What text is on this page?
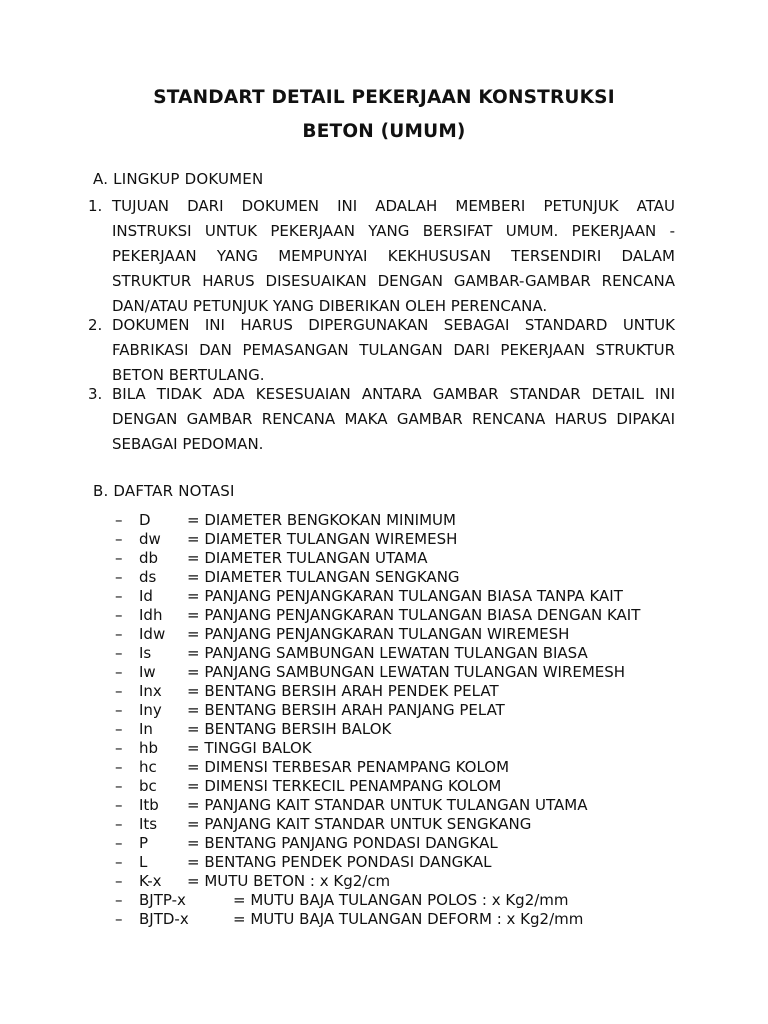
STANDART DETAIL PEKERJAAN KONSTRUKSI
BETON (UMUM)
A. LINGKUP DOKUMEN
1. TUJUAN DARI DOKUMEN INI ADALAH MEMBERI PETUNJUK ATAU
INSTRUKSI UNTUK PEKERJAAN YANG BERSIFAT UMUM. PEKERJAAN -
PEKERJAAN YANG MEMPUNYAI KEKHUSUSAN TERSENDIRI DALAM
STRUKTUR HARUS DISESUAIKAN DENGAN GAMBAR-GAMBAR RENCANA
DAN/ATAU PETUNJUK YANG DIBERIKAN OLEH PERENCANA.
2. DOKUMEN INI HARUS DIPERGUNAKAN SEBAGAI STANDARD UNTUK
FABRIKASI DAN PEMASANGAN TULANGAN DARI PEKERJAAN STRUKTUR
BETON BERTULANG.
3. BILA TIDAK ADA KESESUAIAN ANTARA GAMBAR STANDAR DETAIL INI
DENGAN GAMBAR RENCANA MAKA GAMBAR RENCANA HARUS DIPAKAI
SEBAGAI PEDOMAN.
B. DAFTAR NOTASI
– D = DIAMETER BENGKOKAN MINIMUM
– dw = DIAMETER TULANGAN WIREMESH
– db = DIAMETER TULANGAN UTAMA
– ds = DIAMETER TULANGAN SENGKANG
– Id = PANJANG PENJANGKARAN TULANGAN BIASA TANPA KAIT
– Idh = PANJANG PENJANGKARAN TULANGAN BIASA DENGAN KAIT
– Idw = PANJANG PENJANGKARAN TULANGAN WIREMESH
– Is = PANJANG SAMBUNGAN LEWATAN TULANGAN BIASA
– Iw = PANJANG SAMBUNGAN LEWATAN TULANGAN WIREMESH
– Inx = BENTANG BERSIH ARAH PENDEK PELAT
– Iny = BENTANG BERSIH ARAH PANJANG PELAT
– In = BENTANG BERSIH BALOK
– hb = TINGGI BALOK
– hc = DIMENSI TERBESAR PENAMPANG KOLOM
– bc = DIMENSI TERKECIL PENAMPANG KOLOM
– Itb = PANJANG KAIT STANDAR UNTUK TULANGAN UTAMA
– Its = PANJANG KAIT STANDAR UNTUK SENGKANG
– P	= BENTANG PANJANG PONDASI DANGKAL
– L	= BENTANG PENDEK PONDASI DANGKAL
– K-x = MUTU BETON : x Kg2/cm
– BJTP-x	= MUTU BAJA TULANGAN POLOS : x Kg2/mm
– BJTD-x	= MUTU BAJA TULANGAN DEFORM : x Kg2/mm
